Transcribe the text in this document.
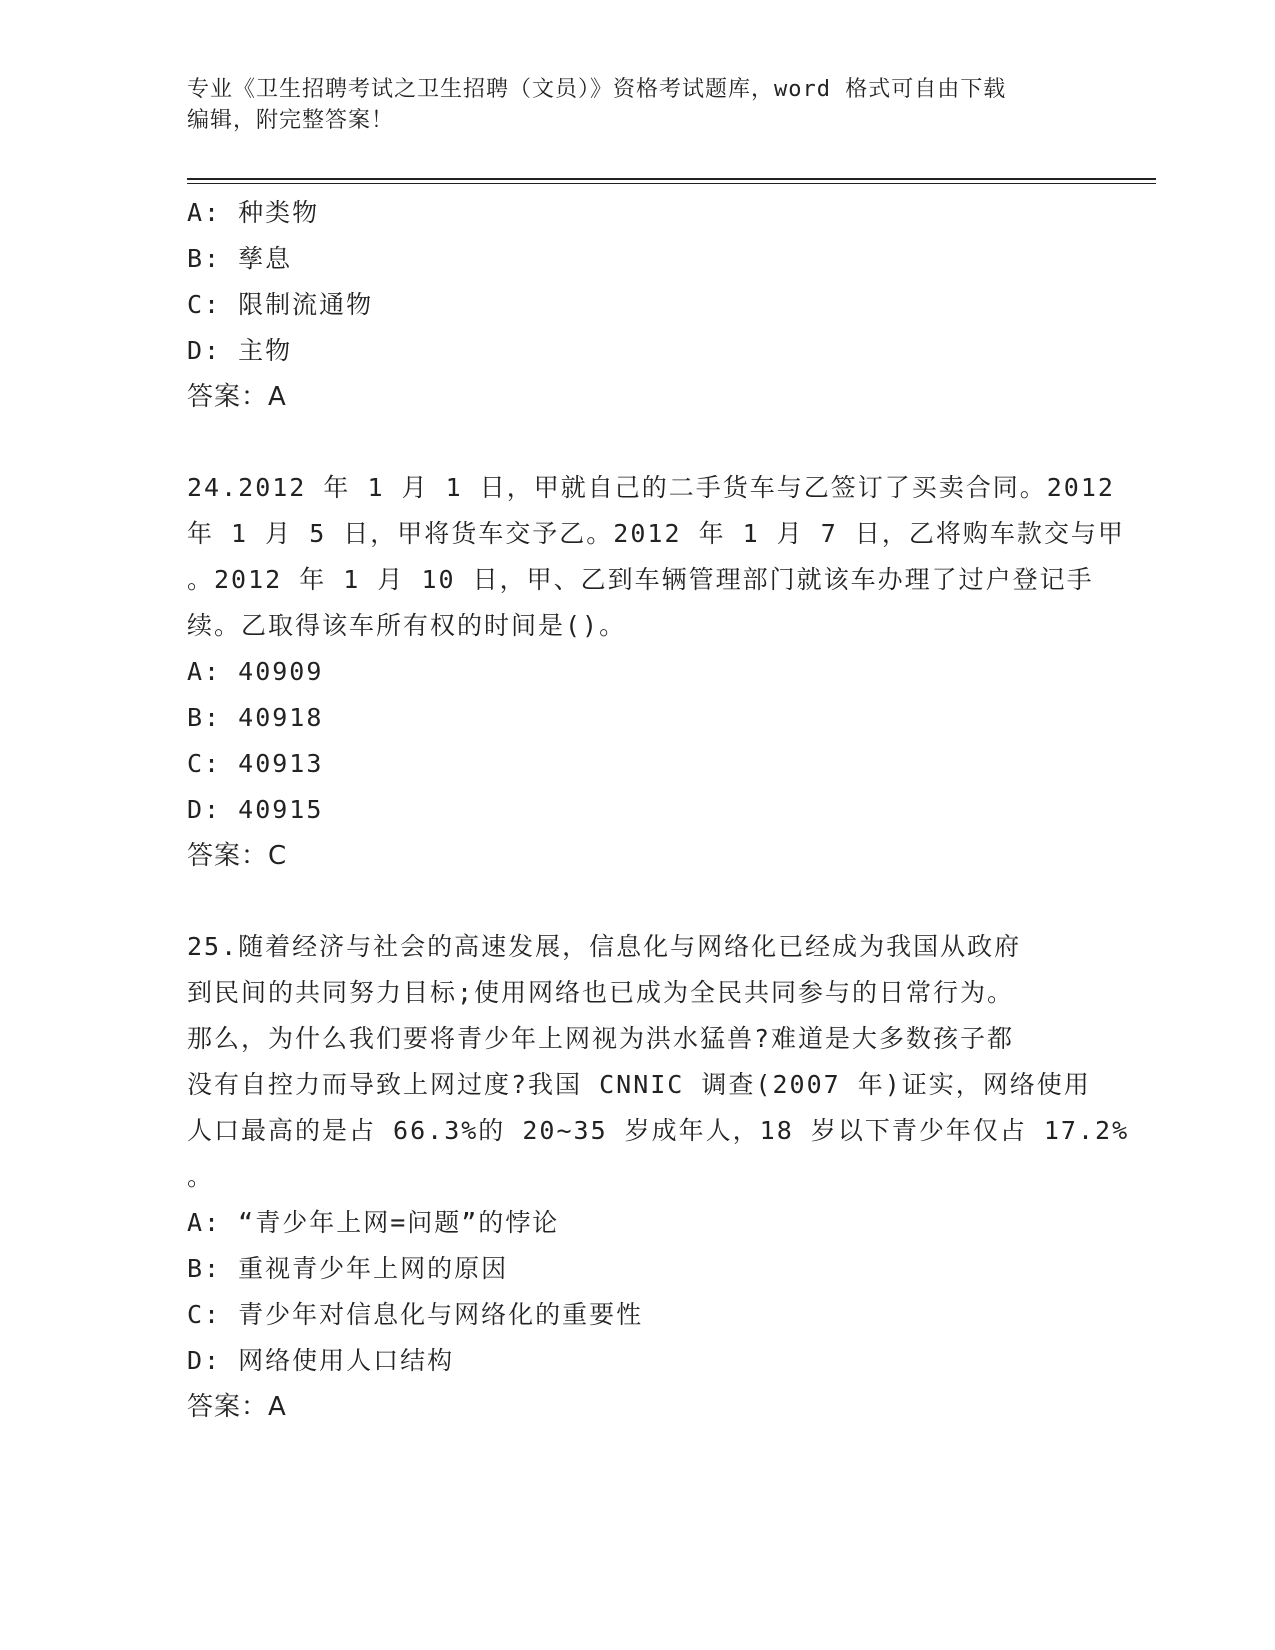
专业《卫生招聘考试之卫生招聘（文员）》资格考试题库，word 格式可自由下载
编辑，附完整答案！
A: 种类物
B: 孳息
C: 限制流通物
D: 主物
答案：A
24.2012 年 1 月 1 日，甲就自己的二手货车与乙签订了买卖合同。2012
年 1 月 5 日，甲将货车交予乙。2012 年 1 月 7 日，乙将购车款交与甲
。2012 年 1 月 10 日，甲、乙到车辆管理部门就该车办理了过户登记手
续。乙取得该车所有权的时间是()。
A: 40909
B: 40918
C: 40913
D: 40915
答案：C
25.随着经济与社会的高速发展，信息化与网络化已经成为我国从政府
到民间的共同努力目标;使用网络也已成为全民共同参与的日常行为。
那么，为什么我们要将青少年上网视为洪水猛兽?难道是大多数孩子都
没有自控力而导致上网过度?我国 CNNIC 调查(2007 年)证实，网络使用
人口最高的是占 66.3%的 20~35 岁成年人，18 岁以下青少年仅占 17.2%
。
A: “青少年上网=问题”的悖论
B: 重视青少年上网的原因
C: 青少年对信息化与网络化的重要性
D: 网络使用人口结构
答案：A
